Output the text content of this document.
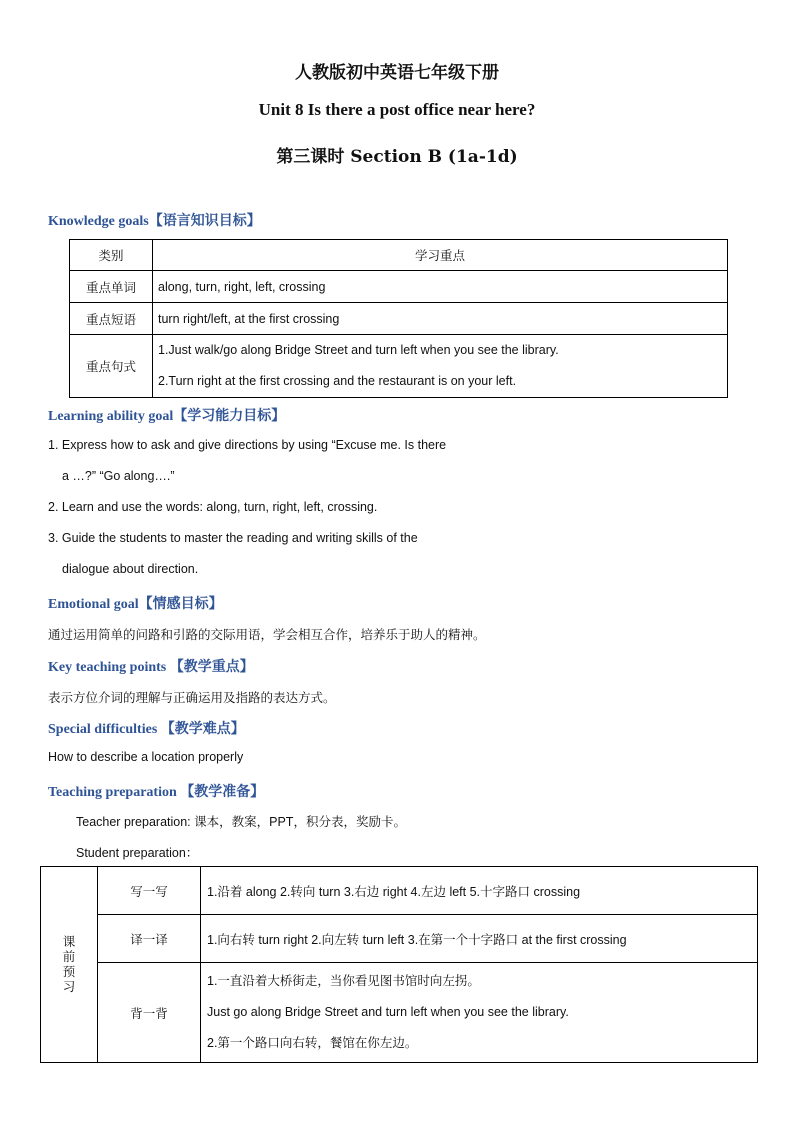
人教版初中英语七年级下册
Unit 8 Is there a post office near here?
第三课时 Section B (1a-1d)
Knowledge goals【语言知识目标】
类别	学习重点
重点单词	along, turn, right, left, crossing
重点短语	turn right/left, at the first crossing
重点句式	1.Just walk/go along Bridge Street and turn left when you see the library.
2.Turn right at the first crossing and the restaurant is on your left.
Learning ability goal【学习能力目标】
1. Express how to ask and give directions by using “Excuse me. Is there
a …?” “Go along….”
2. Learn and use the words: along, turn, right, left, crossing.
3. Guide the students to master the reading and writing skills of the
dialogue about direction.
Emotional goal【情感目标】
通过运用简单的问路和引路的交际用语，学会相互合作，培养乐于助人的精神。
Key teaching points 【教学重点】
表示方位介词的理解与正确运用及指路的表达方式。
Special difficulties 【教学难点】
How to describe a location properly
Teaching preparation 【教学准备】
Teacher preparation: 课本，教案，PPT，积分表，奖励卡。
Student preparation：
课
前
预
习	写一写	1.沿着 along 2.转向 turn 3.右边 right 4.左边 left 5.十字路口 crossing
	译一译	1.向右转 turn right 2.向左转 turn left 3.在第一个十字路口 at the first crossing
	背一背	1.一直沿着大桥街走，当你看见图书馆时向左拐。
Just go along Bridge Street and turn left when you see the library.
2.第一个路口向右转，餐馆在你左边。
